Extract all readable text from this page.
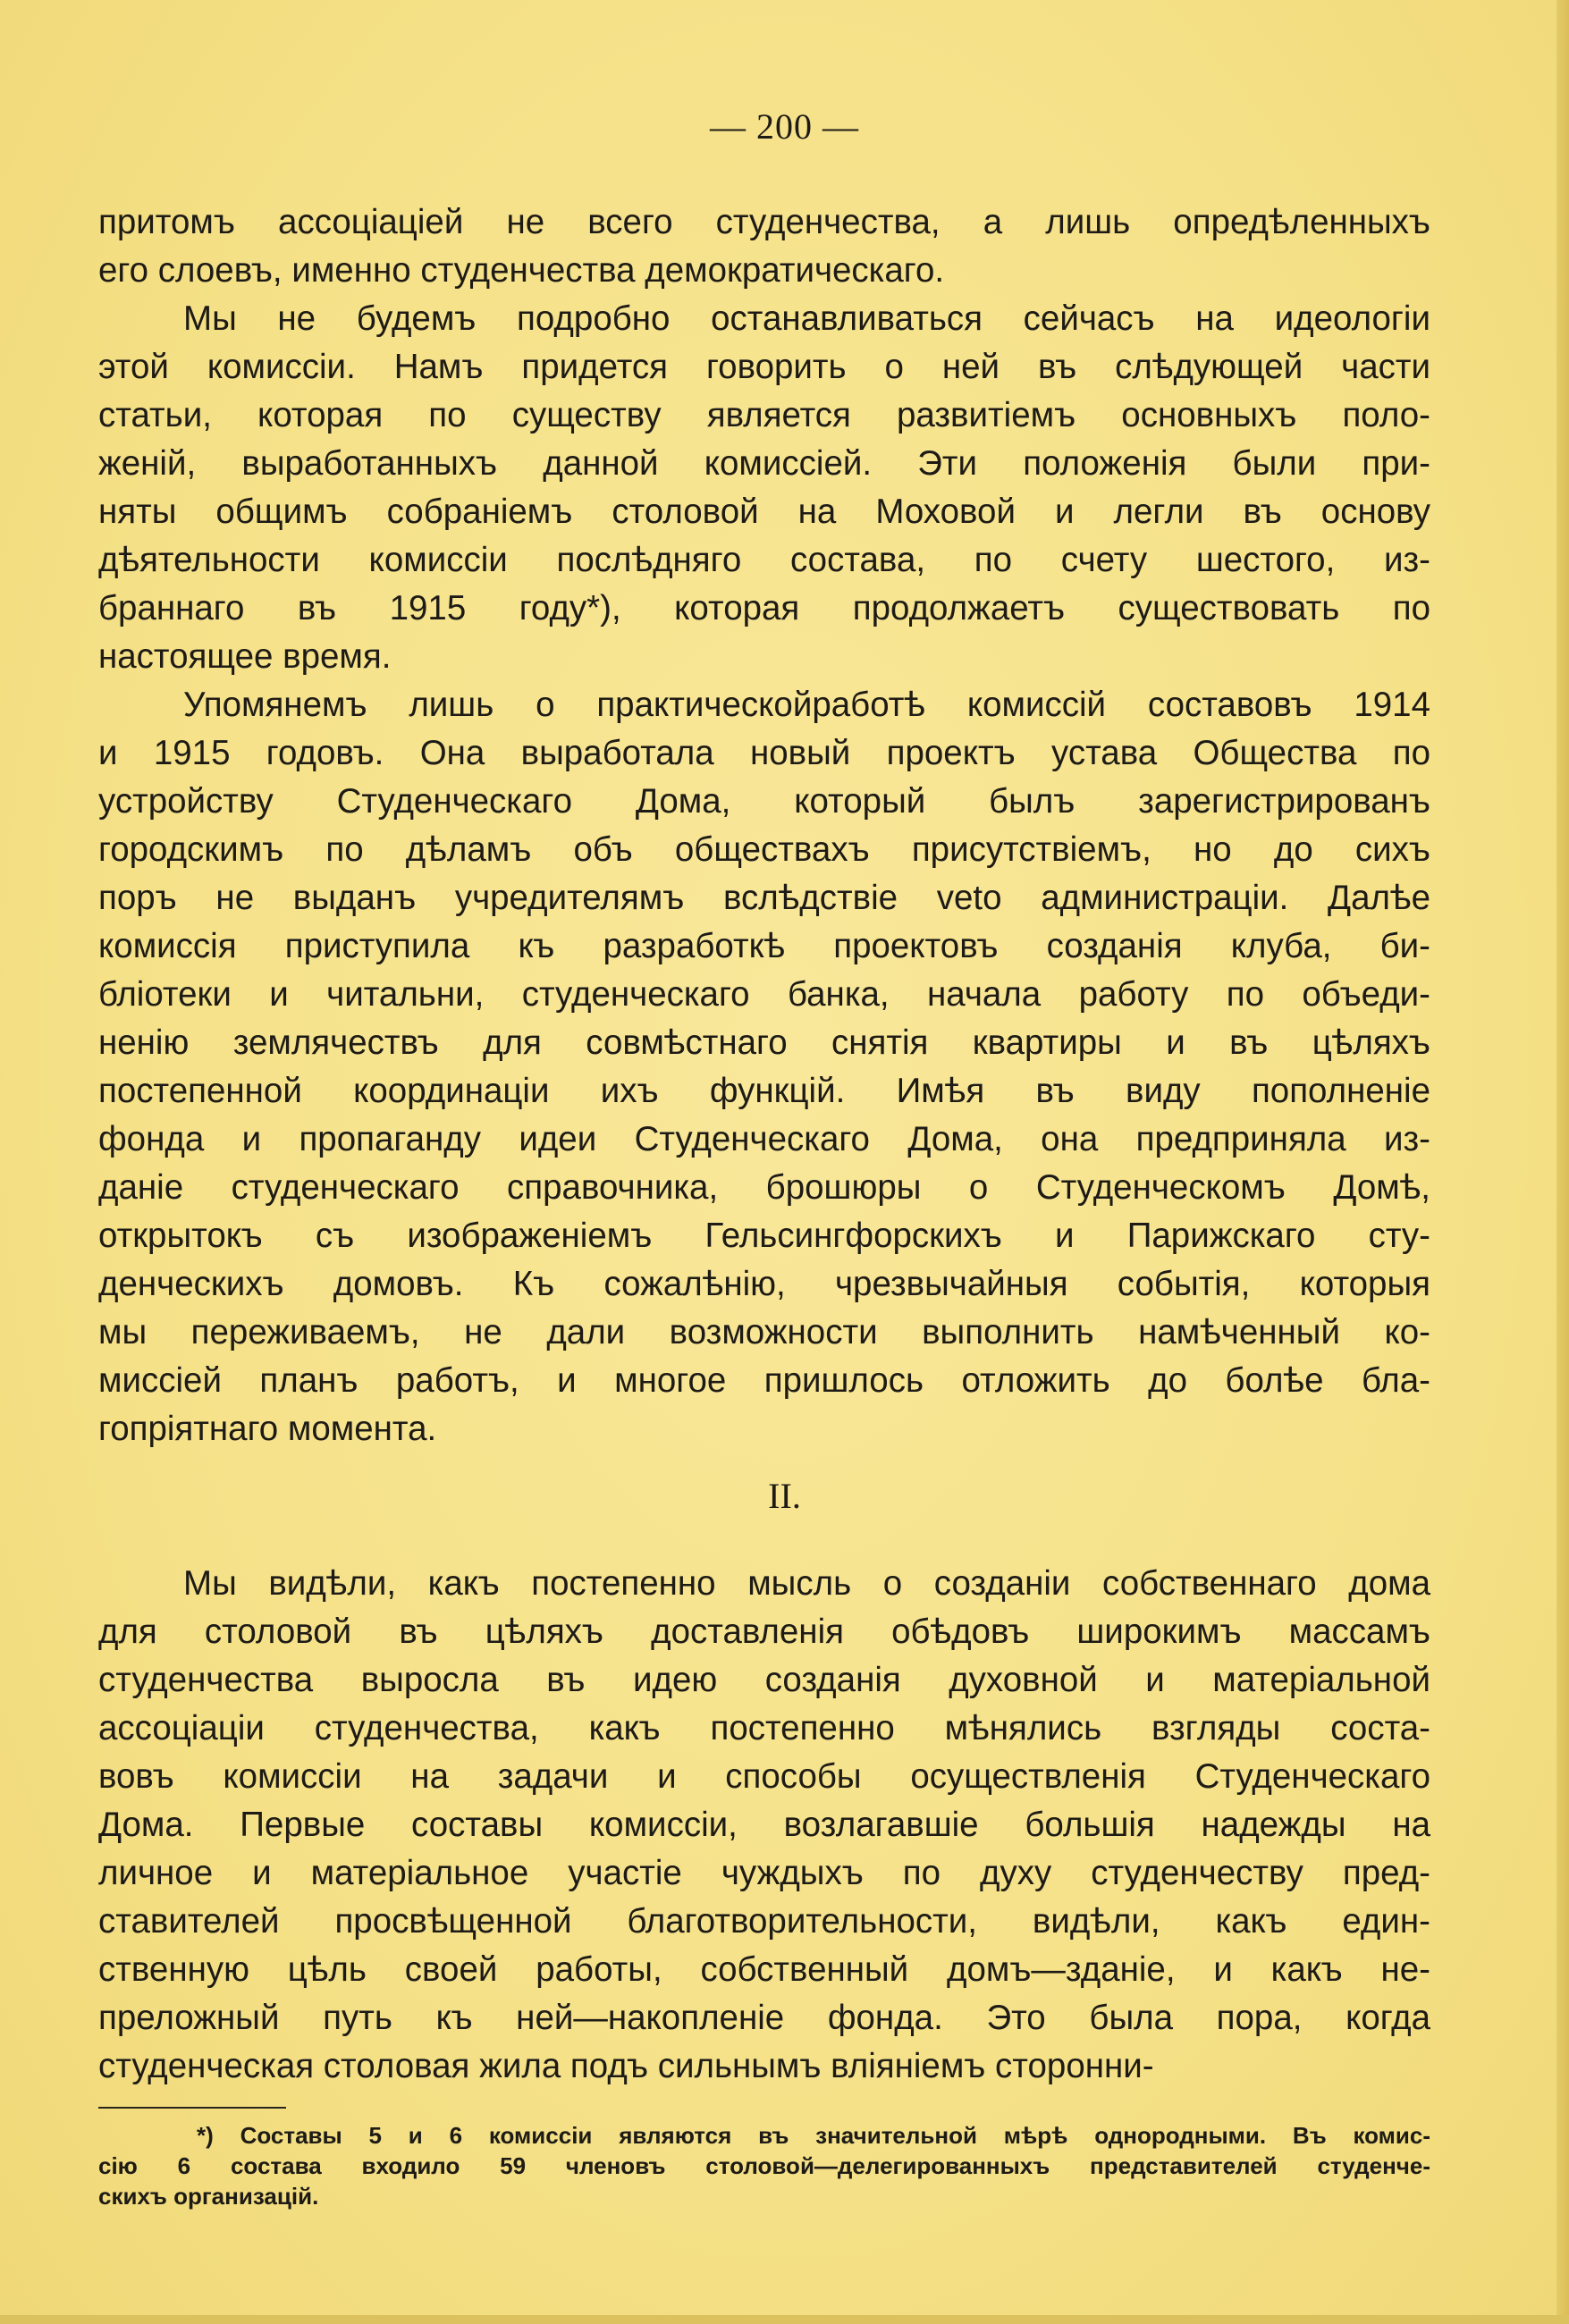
— 200 —
притомъ ассоціаціей не всего студенчества, а лишь опредѣленныхъ
его слоевъ, именно студенчества демократическаго.
Мы не будемъ подробно останавливаться сейчасъ на идеологіи
этой комиссіи. Намъ придется говорить о ней въ слѣдующей части
статьи, которая по существу является развитіемъ основныхъ поло-
женій, выработанныхъ данной комиссіей. Эти положенія были при-
няты общимъ собраніемъ столовой на Моховой и легли въ основу
дѣятельности комиссіи послѣдняго состава, по счету шестого, из-
браннаго въ 1915 году*), которая продолжаетъ существовать по
настоящее время.
Упомянемъ лишь о практическойработѣ комиссій составовъ 1914
и 1915 годовъ. Она выработала новый проектъ устава Общества по
устройству Студенческаго Дома, который былъ зарегистрированъ
городскимъ по дѣламъ объ обществахъ присутствіемъ, но до сихъ
поръ не выданъ учредителямъ вслѣдствіе veto администраціи. Далѣе
комиссія приступила къ разработкѣ проектовъ созданія клуба, би-
бліотеки и читальни, студенческаго банка, начала работу по объеди-
ненію землячествъ для совмѣстнаго снятія квартиры и въ цѣляхъ
постепенной координаціи ихъ функцій. Имѣя въ виду пополненіе
фонда и пропаганду идеи Студенческаго Дома, она предприняла из-
даніе студенческаго справочника, брошюры о Студенческомъ Домѣ,
открытокъ съ изображеніемъ Гельсингфорскихъ и Парижскаго сту-
денческихъ домовъ. Къ сожалѣнію, чрезвычайныя событія, которыя
мы переживаемъ, не дали возможности выполнить намѣченный ко-
миссіей планъ работъ, и многое пришлось отложить до болѣе бла-
гопріятнаго момента.
II.
Мы видѣли, какъ постепенно мысль о созданіи собственнаго дома
для столовой въ цѣляхъ доставленія обѣдовъ широкимъ массамъ
студенчества выросла въ идею созданія духовной и матеріальной
ассоціаціи студенчества, какъ постепенно мѣнялись взгляды соста-
вовъ комиссіи на задачи и способы осуществленія Студенческаго
Дома. Первые составы комиссіи, возлагавшіе большія надежды на
личное и матеріальное участіе чуждыхъ по духу студенчеству пред-
ставителей просвѣщенной благотворительности, видѣли, какъ един-
ственную цѣль своей работы, собственный домъ—зданіе, и какъ не-
преложный путь къ ней—накопленіе фонда. Это была пора, когда
студенческая столовая жила подъ сильнымъ вліяніемъ сторонни-
*) Составы 5 и 6 комиссіи являются въ значительной мѣрѣ однородными. Въ комис-
сію 6 состава входило 59 членовъ столовой—делегированныхъ представителей студенче-
скихъ организацій.
